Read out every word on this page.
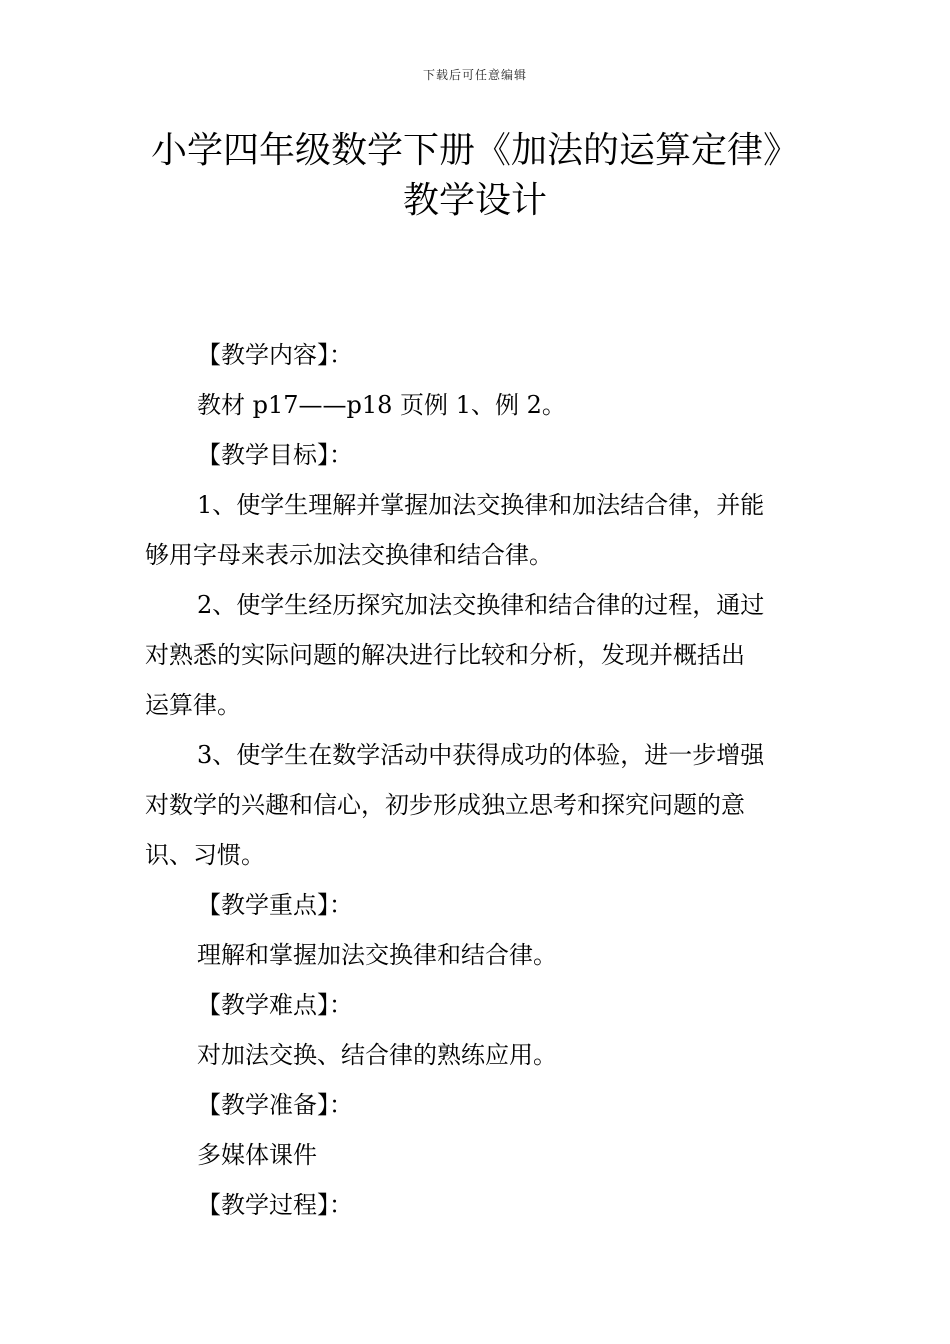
下载后可任意编辑
小学四年级数学下册《加法的运算定律》
教学设计
【教学内容】：
教材 p17——p18 页例 1、例 2。
【教学目标】：
1、使学生理解并掌握加法交换律和加法结合律，并能
够用字母来表示加法交换律和结合律。
2、使学生经历探究加法交换律和结合律的过程，通过
对熟悉的实际问题的解决进行比较和分析，发现并概括出
运算律。
3、使学生在数学活动中获得成功的体验，进一步增强
对数学的兴趣和信心，初步形成独立思考和探究问题的意
识、习惯。
【教学重点】：
理解和掌握加法交换律和结合律。
【教学难点】：
对加法交换、结合律的熟练应用。
【教学准备】：
多媒体课件
【教学过程】：
